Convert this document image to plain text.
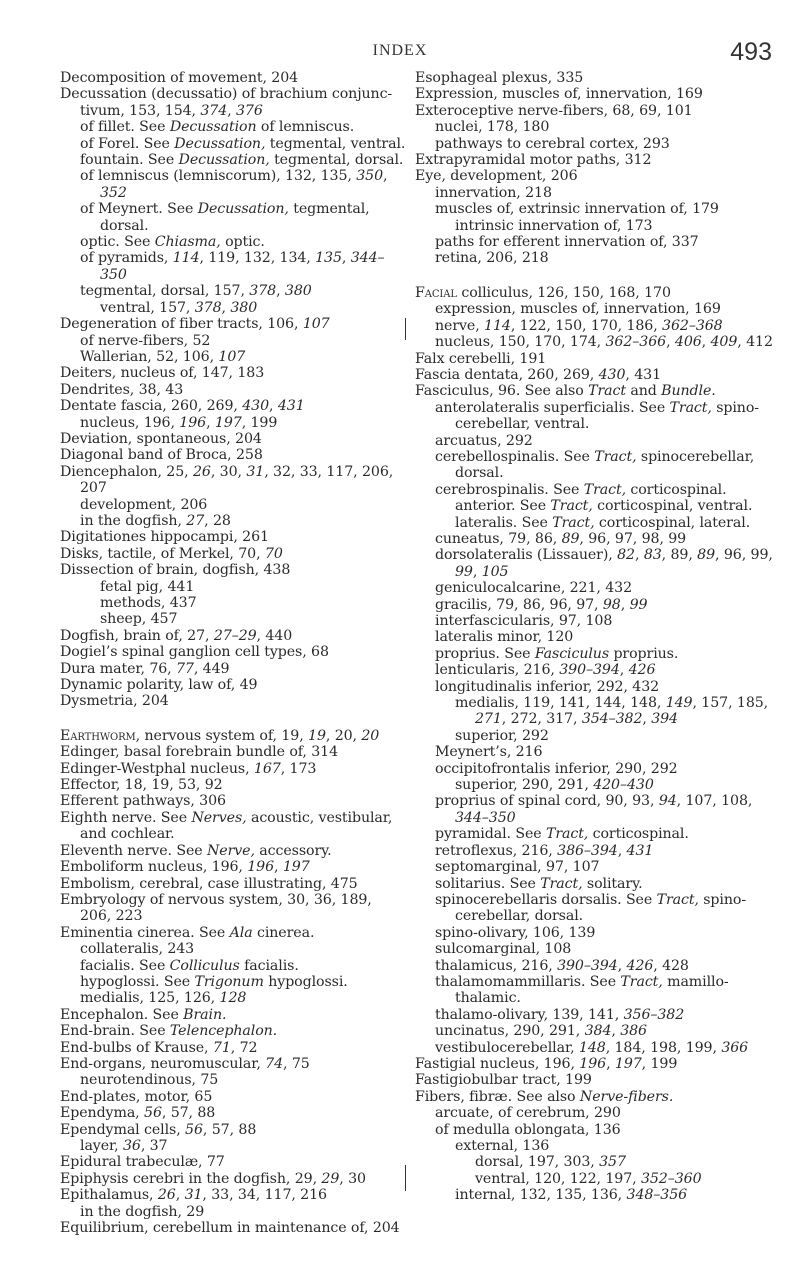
INDEX	493
Decomposition of movement, 204
Decussation (decussatio) of brachium conjunc-tivum, 153, 154, 374, 376
of fillet. See Decussation of lemniscus.
of Forel. See Decussation, tegmental, ventral.
fountain. See Decussation, tegmental, dorsal.
of lemniscus (lemniscorum), 132, 135, 350, 352
of Meynert. See Decussation, tegmental, dorsal.
optic. See Chiasma, optic.
of pyramids, 114, 119, 132, 134, 135, 344–350
tegmental, dorsal, 157, 378, 380
ventral, 157, 378, 380
Degeneration of fiber tracts, 106, 107
of nerve-fibers, 52
Wallerian, 52, 106, 107
Deiters, nucleus of, 147, 183
Dendrites, 38, 43
Dentate fascia, 260, 269, 430, 431
nucleus, 196, 196, 197, 199
Deviation, spontaneous, 204
Diagonal band of Broca, 258
Diencephalon, 25, 26, 30, 31, 32, 33, 117, 206, 207
development, 206
in the dogfish, 27, 28
Digitationes hippocampi, 261
Disks, tactile, of Merkel, 70, 70
Dissection of brain, dogfish, 438
fetal pig, 441
methods, 437
sheep, 457
Dogfish, brain of, 27, 27–29, 440
Dogiel’s spinal ganglion cell types, 68
Dura mater, 76, 77, 449
Dynamic polarity, law of, 49
Dysmetria, 204
Earthworm, nervous system of, 19, 19, 20, 20
Edinger, basal forebrain bundle of, 314
Edinger-Westphal nucleus, 167, 173
Effector, 18, 19, 53, 92
Efferent pathways, 306
Eighth nerve. See Nerves, acoustic, vestibular, and cochlear.
Eleventh nerve. See Nerve, accessory.
Emboliform nucleus, 196, 196, 197
Embolism, cerebral, case illustrating, 475
Embryology of nervous system, 30, 36, 189, 206, 223
Eminentia cinerea. See Ala cinerea.
collateralis, 243
facialis. See Colliculus facialis.
hypoglossi. See Trigonum hypoglossi.
medialis, 125, 126, 128
Encephalon. See Brain.
End-brain. See Telencephalon.
End-bulbs of Krause, 71, 72
End-organs, neuromuscular, 74, 75
neurotendinous, 75
End-plates, motor, 65
Ependyma, 56, 57, 88
Ependymal cells, 56, 57, 88
layer, 36, 37
Epidural trabeculæ, 77
Epiphysis cerebri in the dogfish, 29, 29, 30
Epithalamus, 26, 31, 33, 34, 117, 216
in the dogfish, 29
Equilibrium, cerebellum in maintenance of, 204
Esophageal plexus, 335
Expression, muscles of, innervation, 169
Exteroceptive nerve-fibers, 68, 69, 101
nuclei, 178, 180
pathways to cerebral cortex, 293
Extrapyramidal motor paths, 312
Eye, development, 206
innervation, 218
muscles of, extrinsic innervation of, 179
intrinsic innervation of, 173
paths for efferent innervation of, 337
retina, 206, 218
Facial colliculus, 126, 150, 168, 170
expression, muscles of, innervation, 169
nerve, 114, 122, 150, 170, 186, 362–368
nucleus, 150, 170, 174, 362–366, 406, 409, 412
Falx cerebelli, 191
Fascia dentata, 260, 269, 430, 431
Fasciculus, 96. See also Tract and Bundle.
anterolateralis superficialis. See Tract, spino-cerebellar, ventral.
arcuatus, 292
cerebellospinalis. See Tract, spinocerebellar, dorsal.
cerebrospinalis. See Tract, corticospinal.
anterior. See Tract, corticospinal, ventral.
lateralis. See Tract, corticospinal, lateral.
cuneatus, 79, 86, 89, 96, 97, 98, 99
dorsolateralis (Lissauer), 82, 83, 89, 89, 96, 99, 99, 105
geniculocalcarine, 221, 432
gracilis, 79, 86, 96, 97, 98, 99
interfascicularis, 97, 108
lateralis minor, 120
proprius. See Fasciculus proprius.
lenticularis, 216, 390–394, 426
longitudinalis inferior, 292, 432
medialis, 119, 141, 144, 148, 149, 157, 185, 271, 272, 317, 354–382, 394
superior, 292
Meynert’s, 216
occipitofrontalis inferior, 290, 292
superior, 290, 291, 420–430
proprius of spinal cord, 90, 93, 94, 107, 108, 344–350
pyramidal. See Tract, corticospinal.
retroflexus, 216, 386–394, 431
septomarginal, 97, 107
solitarius. See Tract, solitary.
spinocerebellaris dorsalis. See Tract, spino-cerebellar, dorsal.
spino-olivary, 106, 139
sulcomarginal, 108
thalamicus, 216, 390–394, 426, 428
thalamomammillaris. See Tract, mamillo-thalamic.
thalamo-olivary, 139, 141, 356–382
uncinatus, 290, 291, 384, 386
vestibulocerebellar, 148, 184, 198, 199, 366
Fastigial nucleus, 196, 196, 197, 199
Fastigiobulbar tract, 199
Fibers, fibræ. See also Nerve-fibers.
arcuate, of cerebrum, 290
of medulla oblongata, 136
external, 136
dorsal, 197, 303, 357
ventral, 120, 122, 197, 352–360
internal, 132, 135, 136, 348–356
